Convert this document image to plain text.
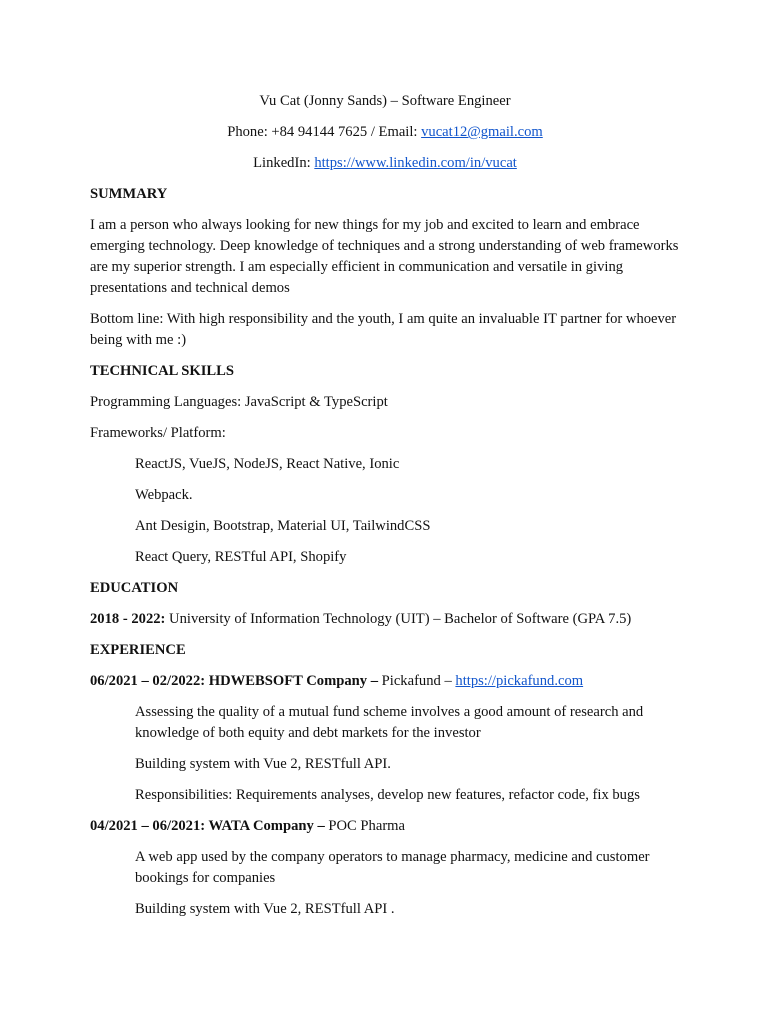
Vu Cat (Jonny Sands) – Software Engineer

Phone: +84 94144 7625 / Email: vucat12@gmail.com

LinkedIn: https://www.linkedin.com/in/vucat

SUMMARY

I am a person who always looking for new things for my job and excited to learn and embrace emerging technology. Deep knowledge of techniques and a strong understanding of web frameworks are my superior strength. I am especially efficient in communication and versatile in giving presentations and technical demos

Bottom line: With high responsibility and the youth, I am quite an invaluable IT partner for whoever being with me :)

TECHNICAL SKILLS

Programming Languages: JavaScript & TypeScript

Frameworks/ Platform:

ReactJS, VueJS, NodeJS, React Native, Ionic

Webpack.

Ant Desigin, Bootstrap, Material UI, TailwindCSS

React Query, RESTful API, Shopify

EDUCATION

2018 - 2022: University of Information Technology (UIT) – Bachelor of Software (GPA 7.5)

EXPERIENCE

06/2021 – 02/2022: HDWEBSOFT Company – Pickafund – https://pickafund.com

Assessing the quality of a mutual fund scheme involves a good amount of research and knowledge of both equity and debt markets for the investor

Building system with Vue 2, RESTfull API.

Responsibilities: Requirements analyses, develop new features, refactor code, fix bugs

04/2021 – 06/2021: WATA Company – POC Pharma

A web app used by the company operators to manage pharmacy, medicine and customer bookings for companies

Building system with Vue 2, RESTfull API .
